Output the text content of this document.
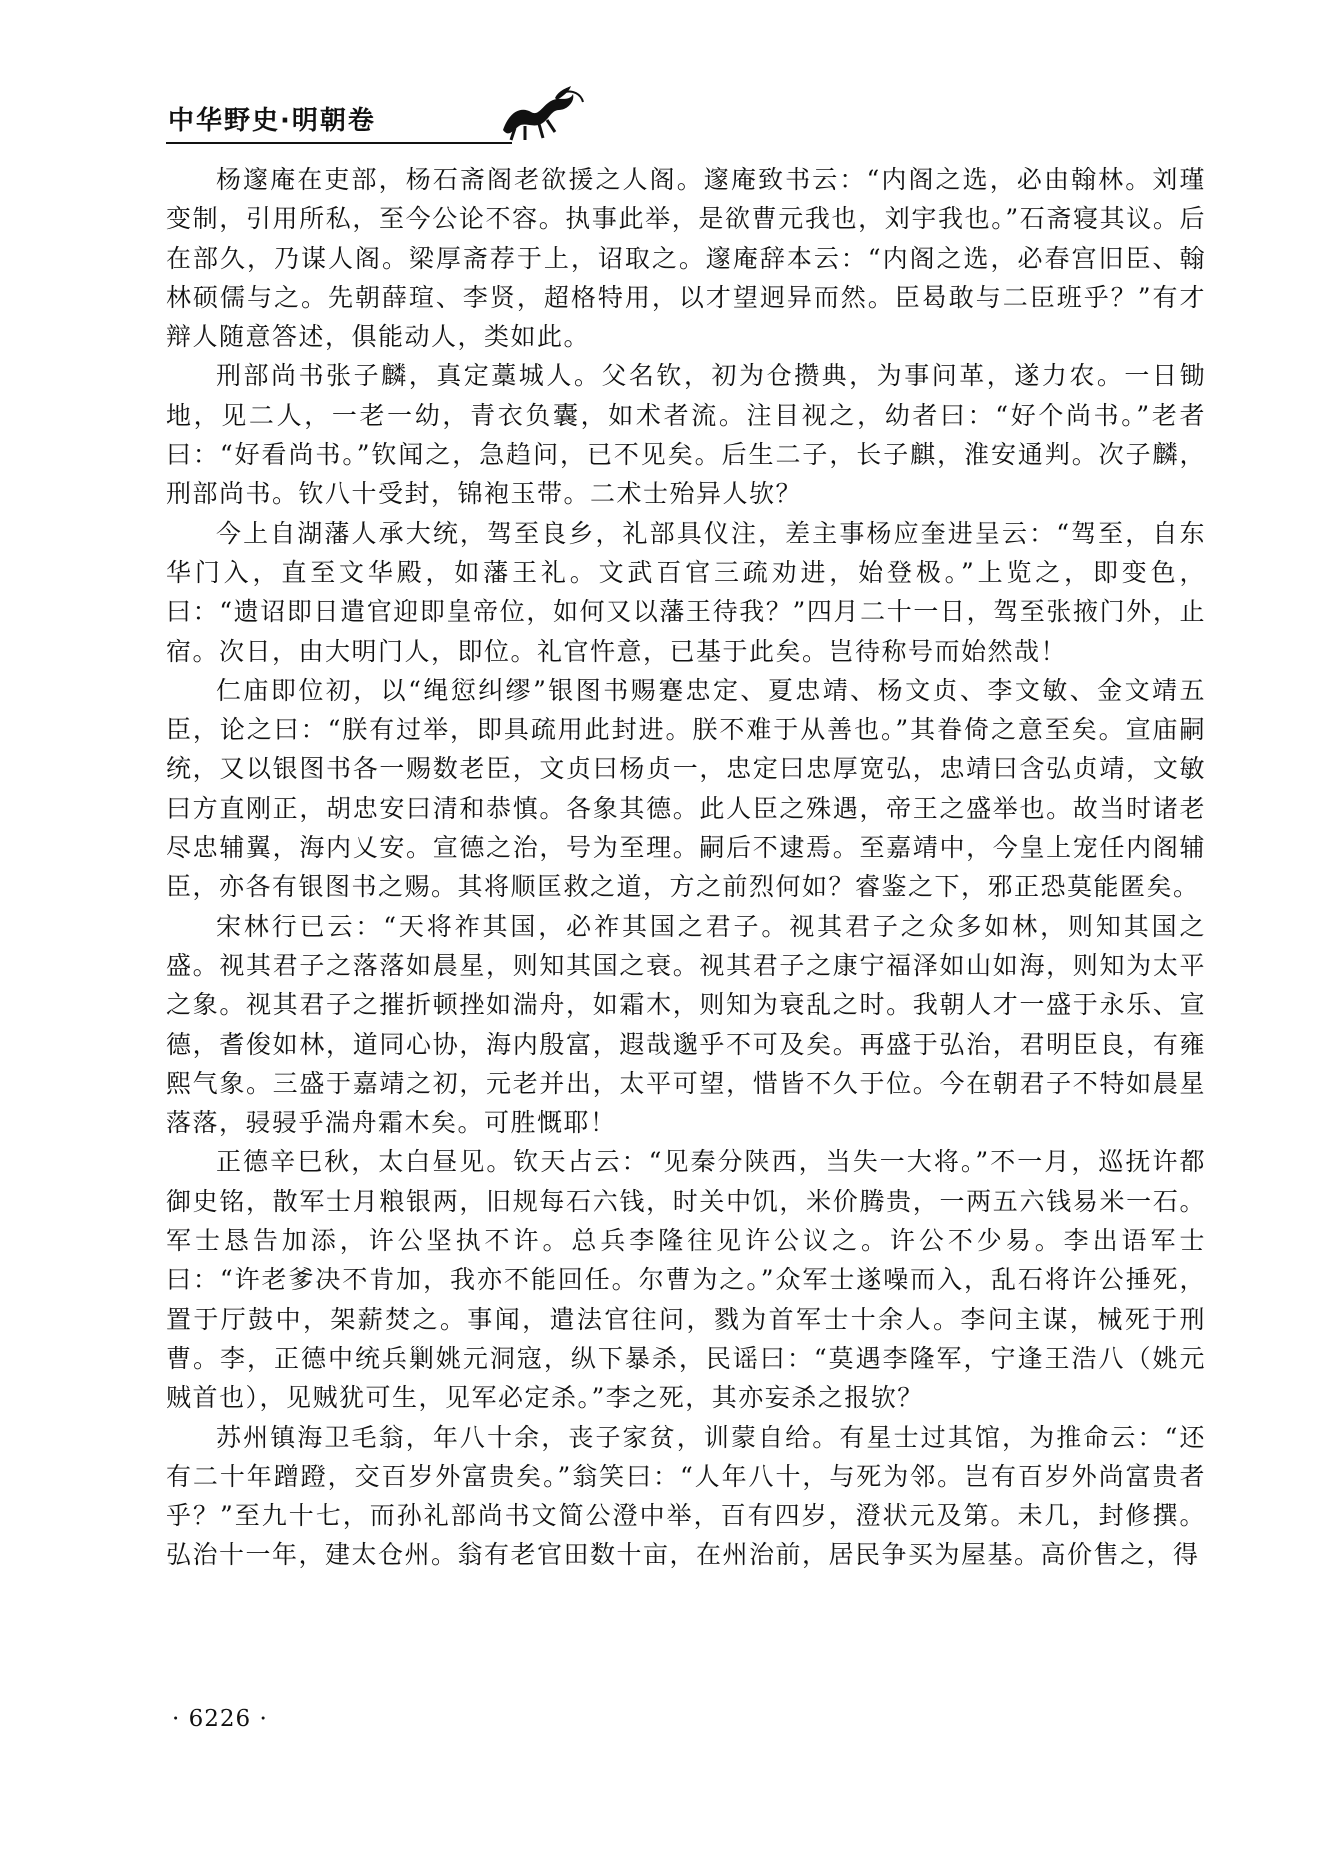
中华野史·明朝卷

杨邃庵在吏部，杨石斋阁老欲援之人阁。邃庵致书云：“内阁之选，必由翰林。刘瑾变制，引用所私，至今公论不容。执事此举，是欲曹元我也，刘宇我也。”石斋寝其议。后在部久，乃谋人阁。梁厚斋荐于上，诏取之。邃庵辞本云：“内阁之选，必春宫旧臣、翰林硕儒与之。先朝薛瑄、李贤，超格特用，以才望迥异而然。臣曷敢与二臣班乎？”有才辩人随意答述，俱能动人，类如此。

刑部尚书张子麟，真定藁城人。父名钦，初为仓攒典，为事问革，遂力农。一日锄地，见二人，一老一幼，青衣负囊，如术者流。注目视之，幼者曰：“好个尚书。”老者曰：“好看尚书。”钦闻之，急趋问，已不见矣。后生二子，长子麒，淮安通判。次子麟，刑部尚书。钦八十受封，锦袍玉带。二术士殆异人欤？

今上自湖藩人承大统，驾至良乡，礼部具仪注，差主事杨应奎进呈云：“驾至，自东华门入，直至文华殿，如藩王礼。文武百官三疏劝进，始登极。”上览之，即变色，曰：“遗诏即日遣官迎即皇帝位，如何又以藩王待我？”四月二十一日，驾至张掖门外，止宿。次日，由大明门人，即位。礼官忤意，已基于此矣。岂待称号而始然哉！

仁庙即位初，以“绳愆纠缪”银图书赐蹇忠定、夏忠靖、杨文贞、李文敏、金文靖五臣，论之曰：“朕有过举，即具疏用此封进。朕不难于从善也。”其眷倚之意至矣。宣庙嗣统，又以银图书各一赐数老臣，文贞曰杨贞一，忠定曰忠厚宽弘，忠靖曰含弘贞靖，文敏曰方直刚正，胡忠安曰清和恭慎。各象其德。此人臣之殊遇，帝王之盛举也。故当时诸老尽忠辅翼，海内乂安。宣德之治，号为至理。嗣后不逮焉。至嘉靖中，今皇上宠任内阁辅臣，亦各有银图书之赐。其将顺匡救之道，方之前烈何如？睿鉴之下，邪正恐莫能匿矣。

宋林行已云：“天将祚其国，必祚其国之君子。视其君子之众多如林，则知其国之盛。视其君子之落落如晨星，则知其国之衰。视其君子之康宁福泽如山如海，则知为太平之象。视其君子之摧折顿挫如湍舟，如霜木，则知为衰乱之时。我朝人才一盛于永乐、宣德，耆俊如林，道同心协，海内殷富，遐哉邈乎不可及矣。再盛于弘治，君明臣良，有雍熙气象。三盛于嘉靖之初，元老并出，太平可望，惜皆不久于位。今在朝君子不特如晨星落落，骎骎乎湍舟霜木矣。可胜慨耶！

正德辛巳秋，太白昼见。钦天占云：“见秦分陕西，当失一大将。”不一月，巡抚许都御史铭，散军士月粮银两，旧规每石六钱，时关中饥，米价腾贵，一两五六钱易米一石。军士恳告加添，许公坚执不许。总兵李隆往见许公议之。许公不少易。李出语军士曰：“许老爹决不肯加，我亦不能回任。尔曹为之。”众军士遂噪而入，乱石将许公捶死，置于厅鼓中，架薪焚之。事闻，遣法官往问，戮为首军士十余人。李问主谋，械死于刑曹。李，正德中统兵剿姚元洞寇，纵下暴杀，民谣曰：“莫遇李隆军，宁逢王浩八（姚元贼首也），见贼犹可生，见军必定杀。”李之死，其亦妄杀之报欤？

苏州镇海卫毛翁，年八十余，丧子家贫，训蒙自给。有星士过其馆，为推命云：“还有二十年蹭蹬，交百岁外富贵矣。”翁笑曰：“人年八十，与死为邻。岂有百岁外尚富贵者乎？”至九十七，而孙礼部尚书文简公澄中举，百有四岁，澄状元及第。未几，封修撰。弘治十一年，建太仓州。翁有老官田数十亩，在州治前，居民争买为屋基。高价售之，得

· 6226 ·
